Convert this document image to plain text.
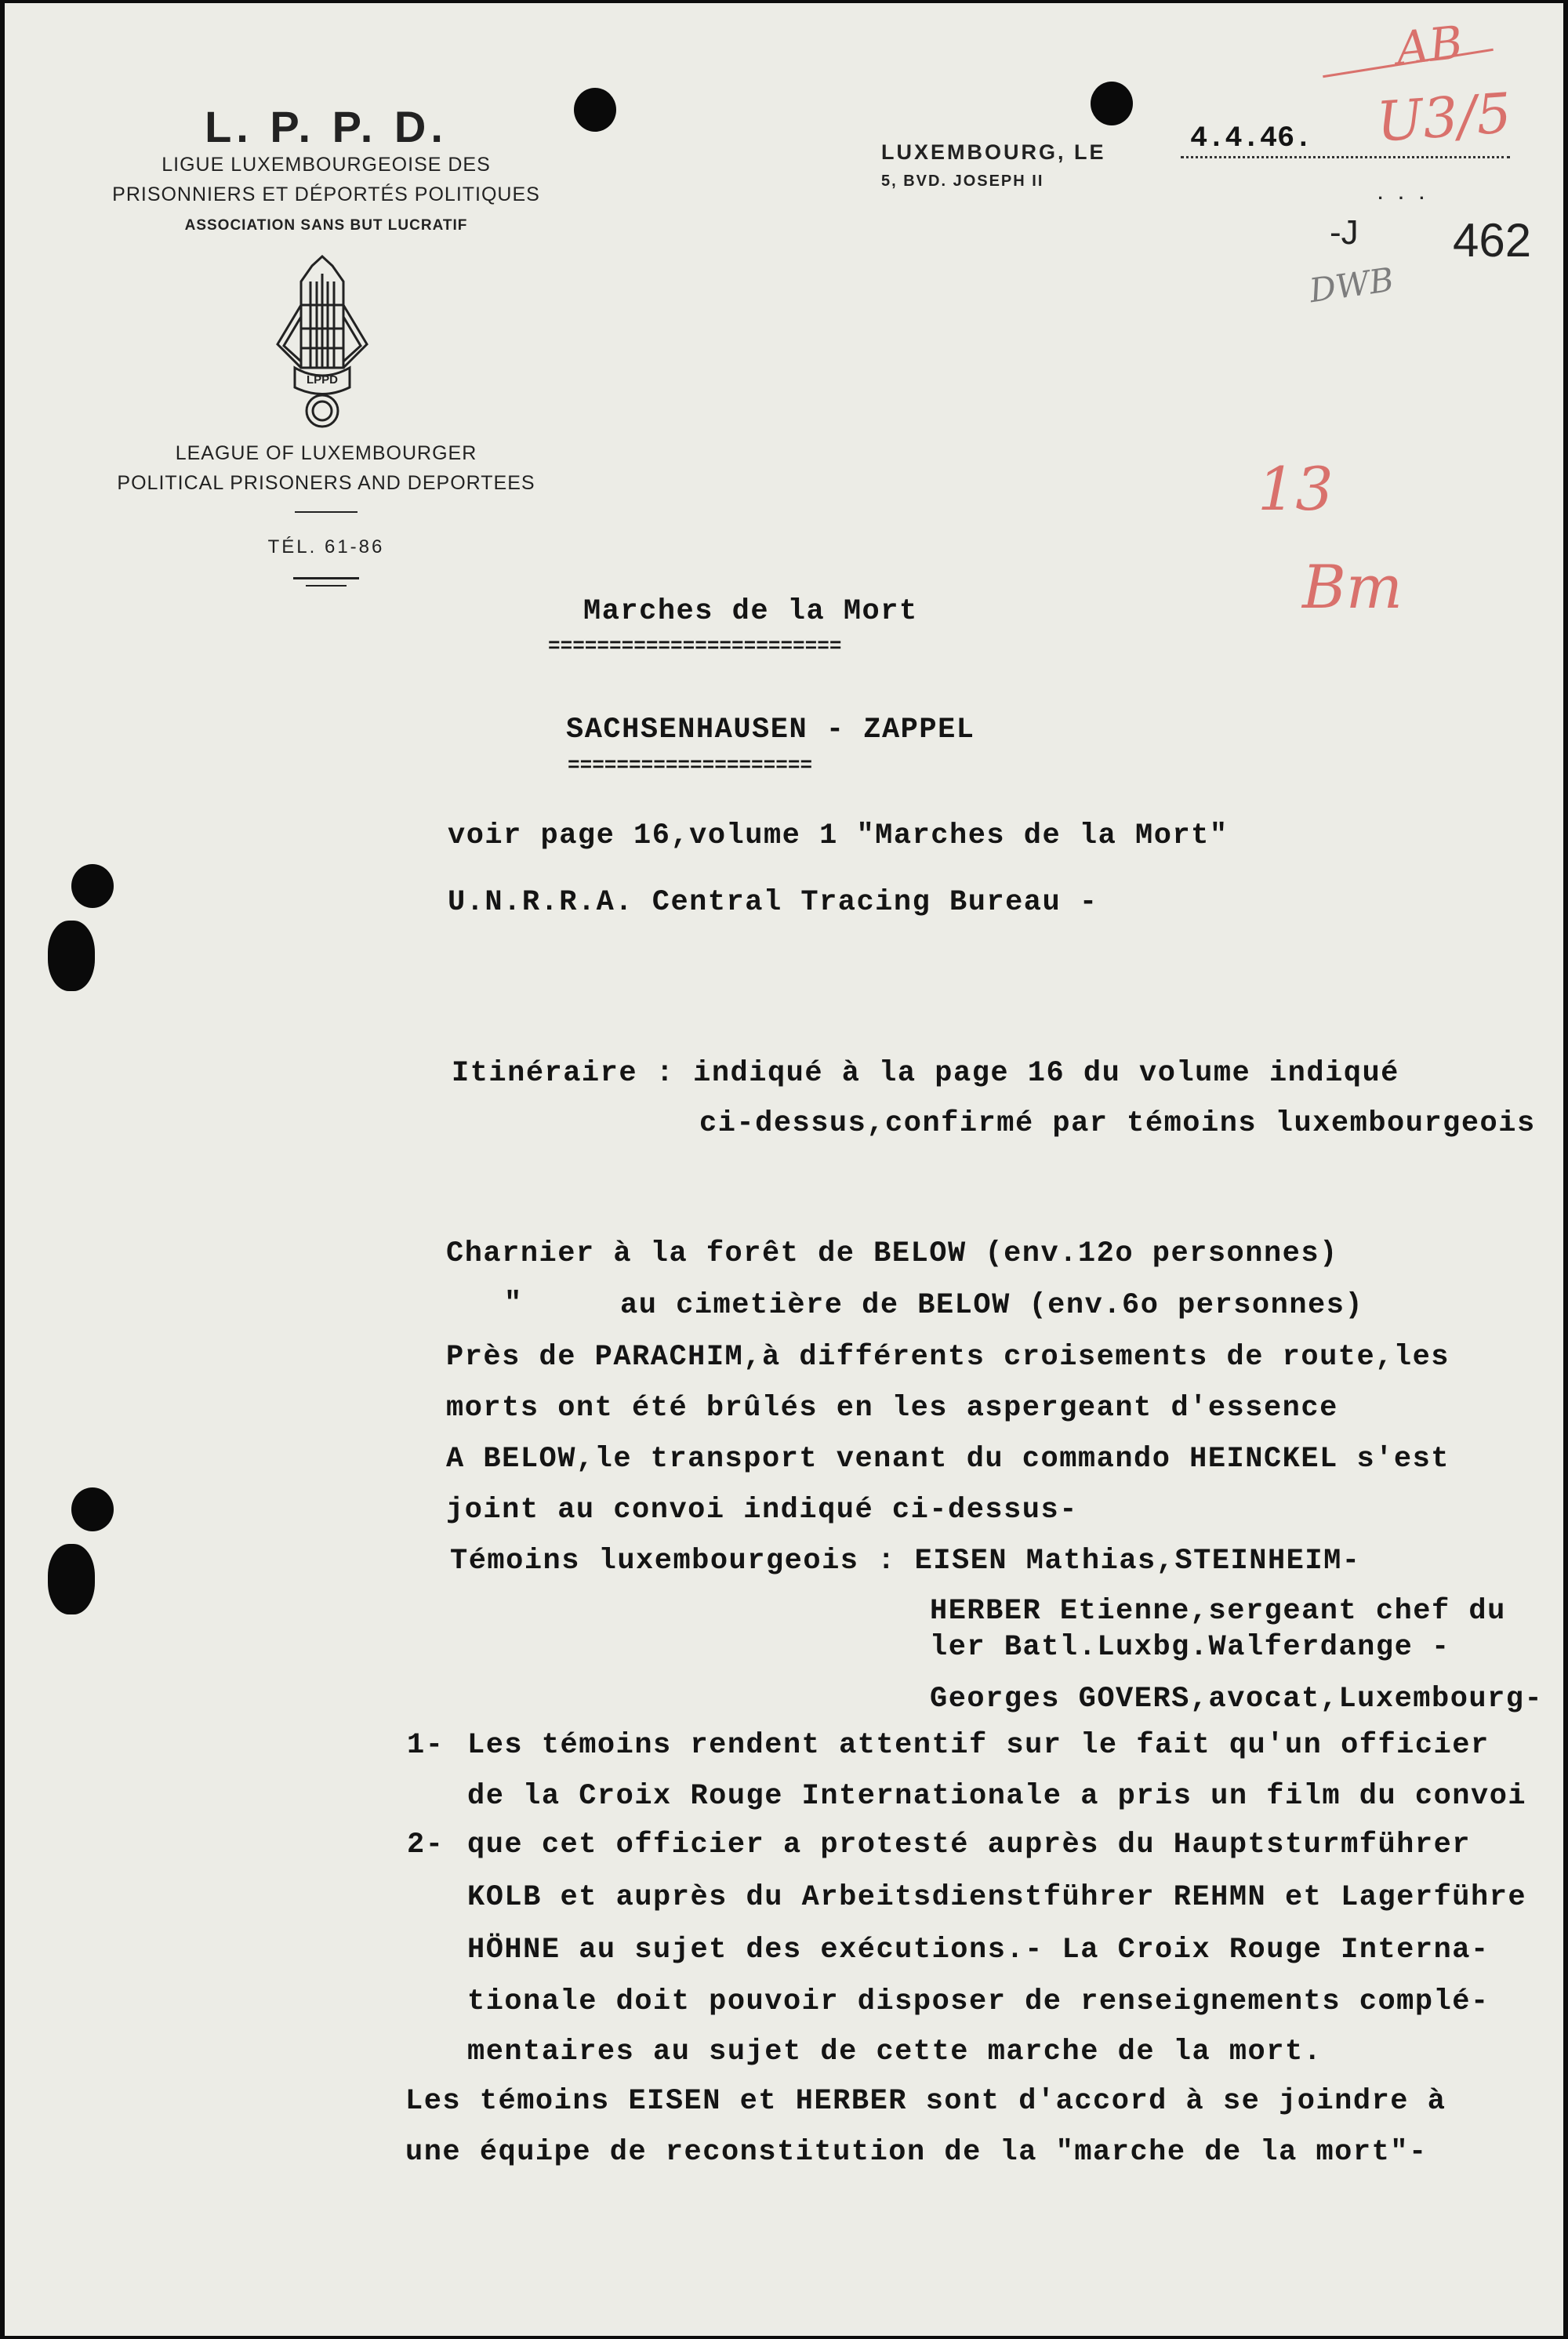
L. P. P. D.
LIGUE LUXEMBOURGEOISE DES
PRISONNIERS ET DÉPORTÉS POLITIQUES
ASSOCIATION SANS BUT LUCRATIF
LPPD
LEAGUE OF LUXEMBOURGER
POLITICAL PRISONERS AND DEPORTEES
TÉL. 61-86
LUXEMBOURG, LE	4.4.46.
5, BVD. JOSEPH II
AB
U3/5
. . .
-J 462
DWB
13
Bm
Marches de la Mort
========================
SACHSENHAUSEN - ZAPPEL
====================
voir page 16,volume 1 "Marches de la Mort"
U.N.R.R.A. Central Tracing Bureau -
Itinéraire : indiqué à la page 16 du volume indiqué
ci-dessus,confirmé par témoins luxembourgeois
Charnier à la forêt de BELOW (env.12o personnes)
"	au cimetière de BELOW (env.6o personnes)
Près de PARACHIM,à différents croisements de route,les
morts ont été brûlés en les aspergeant d'essence
A BELOW,le transport venant du commando HEINCKEL s'est
joint au convoi indiqué ci-dessus-
Témoins luxembourgeois : EISEN Mathias,STEINHEIM-
HERBER Etienne,sergeant chef du
ler Batl.Luxbg.Walferdange -
Georges GOVERS,avocat,Luxembourg-
1- Les témoins rendent attentif sur le fait qu'un officier
de la Croix Rouge Internationale a pris un film du convoi
2- que cet officier a protesté auprès du Hauptsturmführer
KOLB et auprès du Arbeitsdienstführer REHMN et Lagerführe
HÖHNE au sujet des exécutions.- La Croix Rouge Interna-
tionale doit pouvoir disposer de renseignements complé-
mentaires au sujet de cette marche de la mort.
Les témoins EISEN et HERBER sont d'accord à se joindre à
une équipe de reconstitution de la "marche de la mort"-
